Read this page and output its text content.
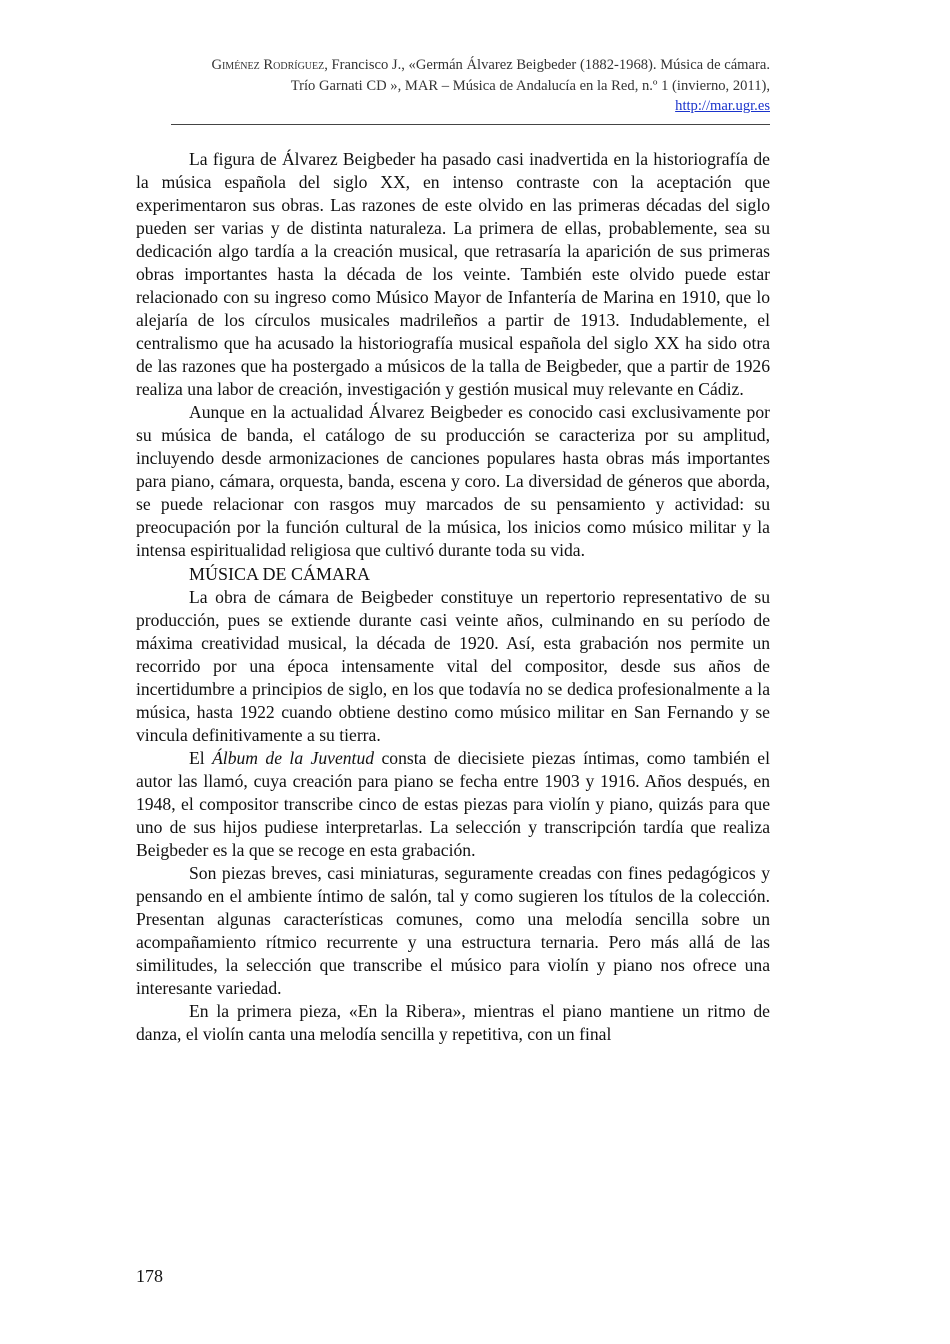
Giménez Rodríguez, Francisco J., «Germán Álvarez Beigbeder (1882-1968). Música de cámara.
Trío Garnati CD », MAR – Música de Andalucía en la Red, n.º 1 (invierno, 2011),
http://mar.ugr.es

La figura de Álvarez Beigbeder ha pasado casi inadvertida en la historiografía de la música española del siglo XX, en intenso contraste con la aceptación que experimentaron sus obras. Las razones de este olvido en las primeras décadas del siglo pueden ser varias y de distinta naturaleza. La primera de ellas, probablemente, sea su dedicación algo tardía a la creación musical, que retrasaría la aparición de sus primeras obras importantes hasta la década de los veinte. También este olvido puede estar relacionado con su ingreso como Músico Mayor de Infantería de Marina en 1910, que lo alejaría de los círculos musicales madrileños a partir de 1913. Indudablemente, el centralismo que ha acusado la historiografía musical española del siglo XX ha sido otra de las razones que ha postergado a músicos de la talla de Beigbeder, que a partir de 1926 realiza una labor de creación, investigación y gestión musical muy relevante en Cádiz.

Aunque en la actualidad Álvarez Beigbeder es conocido casi exclusivamente por su música de banda, el catálogo de su producción se caracteriza por su amplitud, incluyendo desde armonizaciones de canciones populares hasta obras más importantes para piano, cámara, orquesta, banda, escena y coro. La diversidad de géneros que aborda, se puede relacionar con rasgos muy marcados de su pensamiento y actividad: su preocupación por la función cultural de la música, los inicios como músico militar y la intensa espiritualidad religiosa que cultivó durante toda su vida.

MÚSICA DE CÁMARA

La obra de cámara de Beigbeder constituye un repertorio representativo de su producción, pues se extiende durante casi veinte años, culminando en su período de máxima creatividad musical, la década de 1920. Así, esta grabación nos permite un recorrido por una época intensamente vital del compositor, desde sus años de incertidumbre a principios de siglo, en los que todavía no se dedica profesionalmente a la música, hasta 1922 cuando obtiene destino como músico militar en San Fernando y se vincula definitivamente a su tierra.

El Álbum de la Juventud consta de diecisiete piezas íntimas, como también el autor las llamó, cuya creación para piano se fecha entre 1903 y 1916. Años después, en 1948, el compositor transcribe cinco de estas piezas para violín y piano, quizás para que uno de sus hijos pudiese interpretarlas. La selección y transcripción tardía que realiza Beigbeder es la que se recoge en esta grabación.

Son piezas breves, casi miniaturas, seguramente creadas con fines pedagógicos y pensando en el ambiente íntimo de salón, tal y como sugieren los títulos de la colección. Presentan algunas características comunes, como una melodía sencilla sobre un acompañamiento rítmico recurrente y una estructura ternaria. Pero más allá de las similitudes, la selección que transcribe el músico para violín y piano nos ofrece una interesante variedad.

En la primera pieza, «En la Ribera», mientras el piano mantiene un ritmo de danza, el violín canta una melodía sencilla y repetitiva, con un final

178
